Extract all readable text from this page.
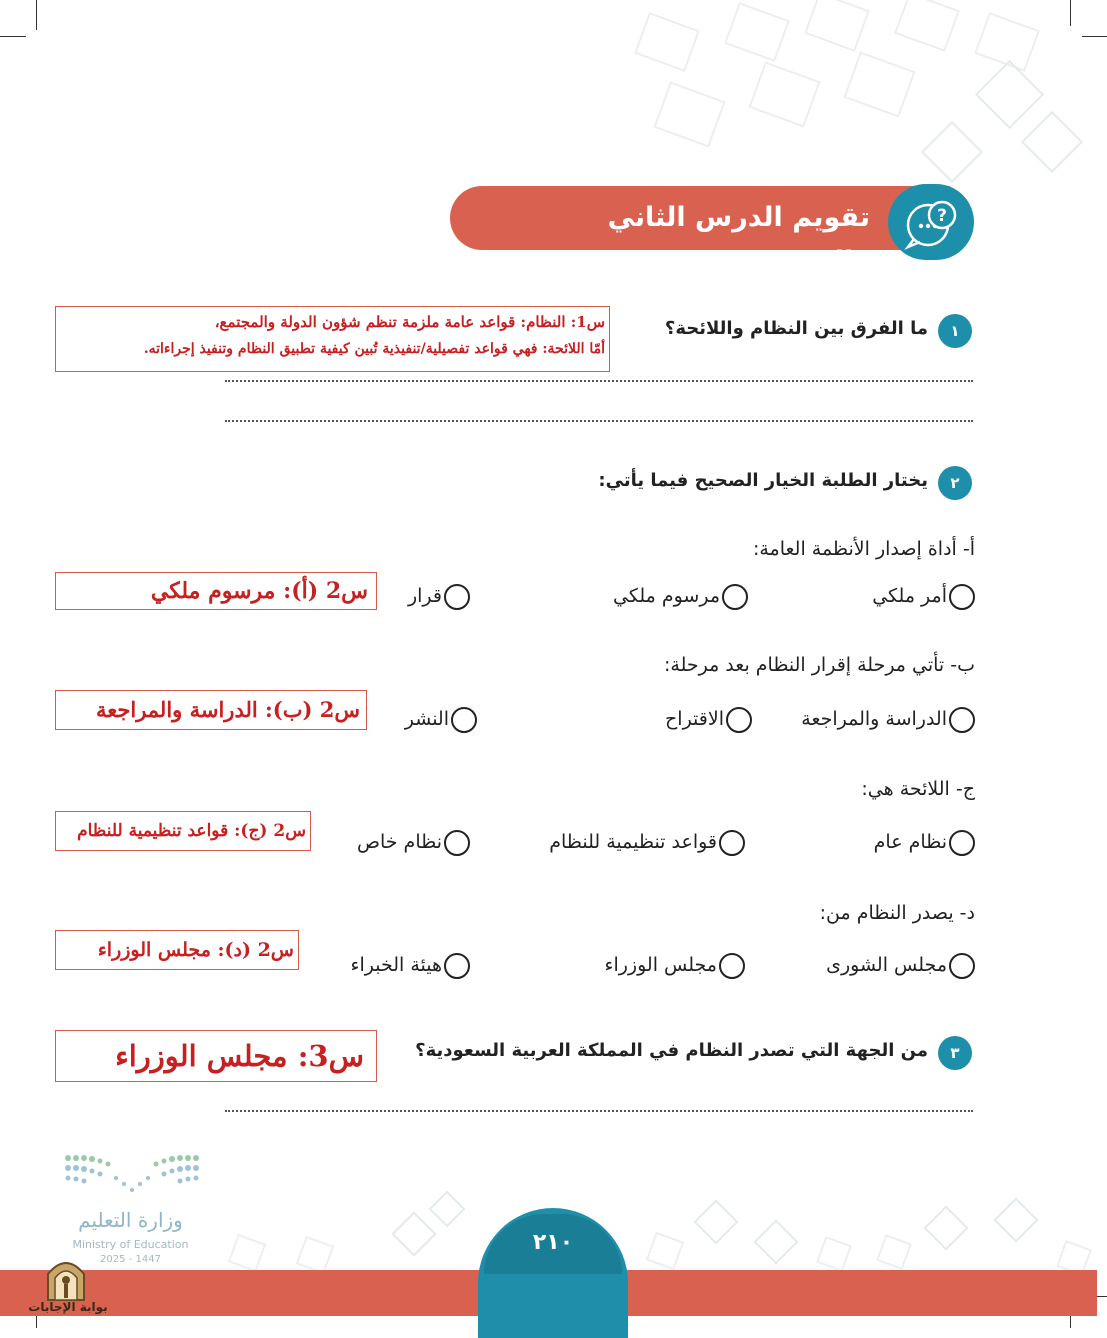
?
تقويم الدرس الثاني والعشرين
١
ما الفرق بين النظام واللائحة؟
س1: النظام: قواعد عامة ملزمة تنظم شؤون الدولة والمجتمع،
أمّا اللائحة: فهي قواعد تفصيلية/تنفيذية تُبين كيفية تطبيق النظام وتنفيذ إجراءاته.
٢
يختار الطلبة الخيار الصحيح فيما يأتي:
أ- أداة إصدار الأنظمة العامة:
أمر ملكي
مرسوم ملكي
قرار
س2 (أ): مرسوم ملكي
ب- تأتي مرحلة إقرار النظام بعد مرحلة:
الدراسة والمراجعة
الاقتراح
النشر
س2 (ب): الدراسة والمراجعة
ج- اللائحة هي:
نظام عام
قواعد تنظيمية للنظام
نظام خاص
س2 (ج): قواعد تنظيمية للنظام
د- يصدر النظام من:
مجلس الشورى
مجلس الوزراء
هيئة الخبراء
س2 (د): مجلس الوزراء
٣
من الجهة التي تصدر النظام في المملكة العربية السعودية؟
س3: مجلس الوزراء
وزارة التعليم
Ministry of Education
2025 - 1447
٢١٠
بوابة الإجابات
